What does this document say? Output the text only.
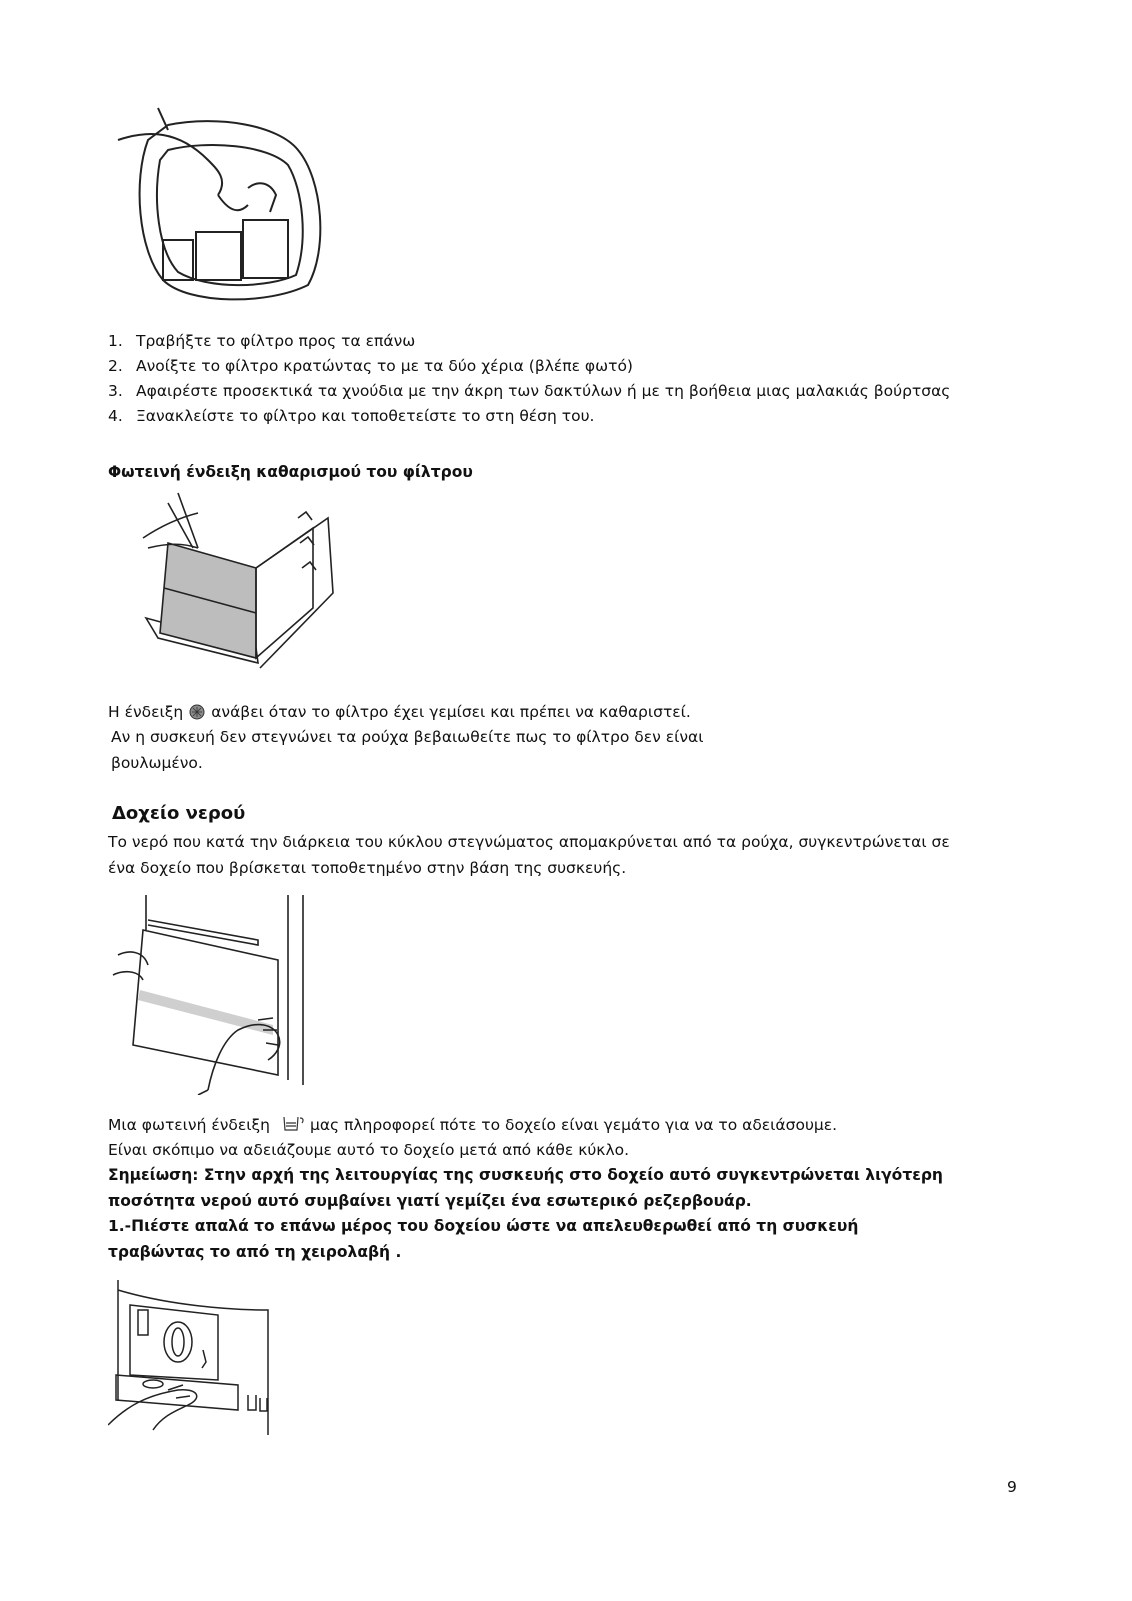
1. Τραβήξτε το φίλτρο προς τα επάνω
2. Ανοίξτε το φίλτρο κρατώντας το με τα δύο χέρια (βλέπε φωτό)
3. Αφαιρέστε προσεκτικά τα χνούδια με την άκρη των δακτύλων ή με τη βοήθεια μιας μαλακιάς βούρτσας
4. Ξανακλείστε το φίλτρο και τοποθετείστε το στη θέση του.
Φωτεινή ένδειξη καθαρισμού του φίλτρου
Η ένδειξη ανάβει όταν το φίλτρο έχει γεμίσει και πρέπει να καθαριστεί.
Αν η συσκευή δεν στεγνώνει τα ρούχα βεβαιωθείτε πως το φίλτρο δεν είναι
βουλωμένο.
Δοχείο νερού
Το νερό που κατά την διάρκεια του κύκλου στεγνώματος απομακρύνεται από τα ρούχα, συγκεντρώνεται σε
ένα δοχείο που βρίσκεται τοποθετημένο στην βάση της συσκευής.
Μια φωτεινή ένδειξη	μας πληροφορεί πότε το δοχείο είναι γεμάτο για να το αδειάσουμε.
Είναι σκόπιμο να αδειάζουμε αυτό το δοχείο μετά από κάθε κύκλο.
Σημείωση: Στην αρχή της λειτουργίας της συσκευής στο δοχείο αυτό συγκεντρώνεται λιγότερη
ποσότητα νερού αυτό συμβαίνει γιατί γεμίζει ένα εσωτερικό ρεζερβουάρ.
1.-Πιέστε απαλά το επάνω μέρος του δοχείου ώστε να απελευθερωθεί από τη συσκευή
τραβώντας το από τη χειρολαβή .
9
